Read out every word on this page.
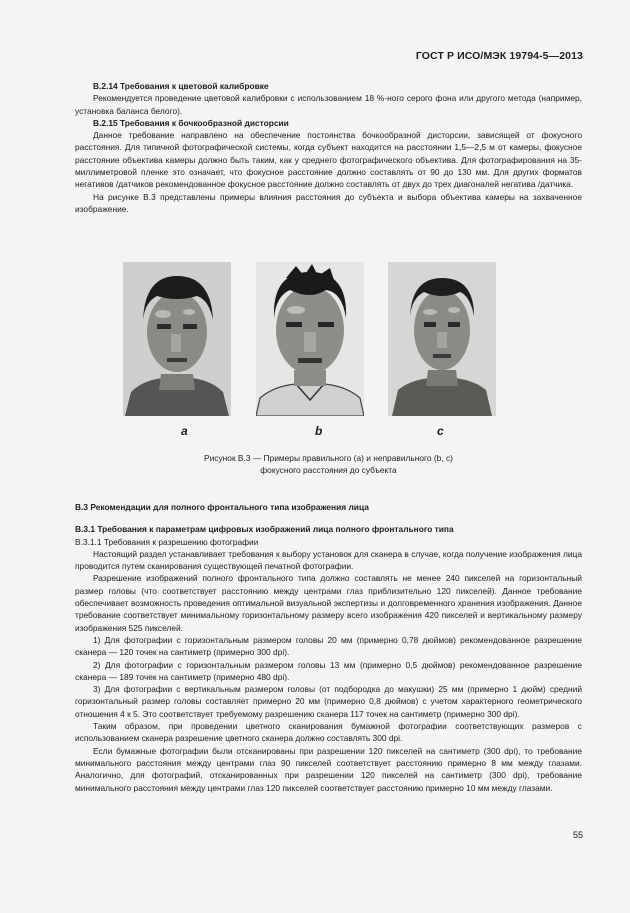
ГОСТ Р ИСО/МЭК 19794-5—2013

В.2.14 Требования к цветовой калибровке

Рекомендуется проведение цветовой калибровки с использованием 18 %-ного серого фона или другого метода (например, установка баланса белого).

В.2.15 Требования к бочкообразной дисторсии

Данное требование направлено на обеспечение постоянства бочкообразной дисторсии, зависящей от фокусного расстояния. Для типичной фотографической системы, когда субъект находится на расстоянии 1,5—2,5 м от камеры, фокусное расстояние объектива камеры должно быть таким, как у среднего фотографического объектива. Для фотографирования на 35-миллиметровой пленке это означает, что фокусное расстояние должно составлять от 90 до 130 мм. Для других форматов негативов /датчиков рекомендованное фокусное расстояние должно составлять от двух до трех диагоналей негатива /датчика.

На рисунке В.3 представлены примеры влияния расстояния до субъекта и выбора объектива камеры на захваченное изображение.

a	b	c
Рисунок В.3 — Примеры правильного (а) и неправильного (b, c)
фокусного расстояния до субъекта

В.3 Рекомендации для полного фронтального типа изображения лица

В.3.1 Требования к параметрам цифровых изображений лица полного фронтального типа

В.3.1.1 Требования к разрешению фотографии

Настоящий раздел устанавливает требования к выбору установок для сканера в случае, когда получение изображения лица проводится путем сканирования существующей печатной фотографии.

Разрешение изображений полного фронтального типа должно составлять не менее 240 пикселей на горизонтальный размер головы (что соответствует расстоянию между центрами глаз приблизительно 120 пикселей). Данное требование обеспечивает возможность проведения оптимальной визуальной экспертизы и долговременного хранения изображения. Данное требование соответствует минимальному горизонтальному размеру всего изображения 420 пикселей и вертикальному размеру изображения 525 пикселей.

1) Для фотографии с горизонтальным размером головы 20 мм (примерно 0,78 дюймов) рекомендованное разрешение сканера — 120 точек на сантиметр (примерно 300 dpi).

2) Для фотографии с горизонтальным размером головы 13 мм (примерно 0,5 дюймов) рекомендованное разрешение сканера — 189 точек на сантиметр (примерно 480 dpi).

3) Для фотографии с вертикальным размером головы (от подбородка до макушки) 25 мм (примерно 1 дюйм) средний горизонтальный размер головы составляет примерно 20 мм (примерно 0,8 дюймов) с учетом характерного геометрического отношения 4 к 5. Это соответствует требуемому разрешению сканера 117 точек на сантиметр (примерно 300 dpi).

Таким образом, при проведении цветного сканирования бумажной фотографии соответствующих размеров с использованием сканера разрешение цветного сканера должно составлять 300 dpi.

Если бумажные фотографии были отсканированы при разрешении 120 пикселей на сантиметр (300 dpi), то требование минимального расстояния между центрами глаз 90 пикселей соответствует расстоянию примерно 8 мм между глазами. Аналогично, для фотографий, отсканированных при разрешении 120 пикселей на сантиметр (300 dpi), требование минимального расстояния между центрами глаз 120 пикселей соответствует расстоянию примерно 10 мм между глазами.

55
